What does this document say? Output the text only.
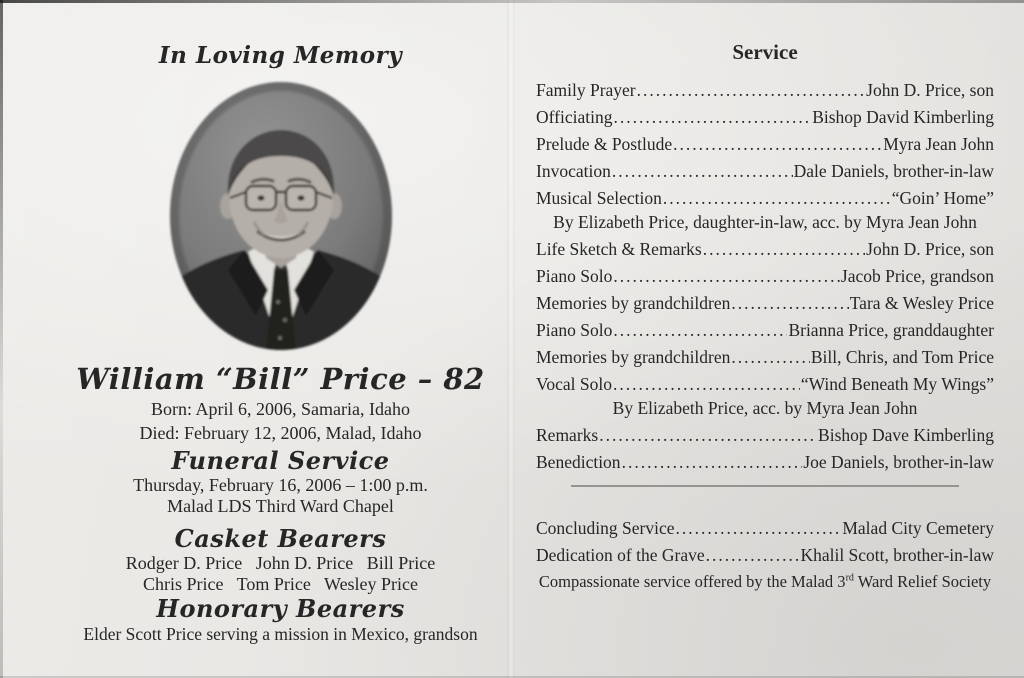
In Loving Memory
William “Bill” Price – 82
Born: April 6, 2006, Samaria, Idaho
Died: February 12, 2006, Malad, Idaho
Funeral Service
Thursday, February 16, 2006 – 1:00 p.m.
Malad LDS Third Ward Chapel
Casket Bearers
Rodger D. Price   John D. Price   Bill Price
Chris Price   Tom Price   Wesley Price
Honorary Bearers
Elder Scott Price serving a mission in Mexico, grandson
Service
Family Prayer .....	John D. Price, son
Officiating .....	Bishop David Kimberling
Prelude & Postlude .....	Myra Jean John
Invocation .....	Dale Daniels, brother-in-law
Musical Selection .....	“Goin’ Home”
By Elizabeth Price, daughter-in-law, acc. by Myra Jean John
Life Sketch & Remarks .....	John D. Price, son
Piano Solo .....	Jacob Price, grandson
Memories by grandchildren .....	Tara & Wesley Price
Piano Solo .....	Brianna Price, granddaughter
Memories by grandchildren .....	Bill, Chris, and Tom Price
Vocal Solo .....	“Wind Beneath My Wings”
By Elizabeth Price, acc. by Myra Jean John
Remarks .....	Bishop Dave Kimberling
Benediction .....	Joe Daniels, brother-in-law
Concluding Service .....	Malad City Cemetery
Dedication of the Grave .....	Khalil Scott, brother-in-law
Compassionate service offered by the Malad 3rd Ward Relief Society
